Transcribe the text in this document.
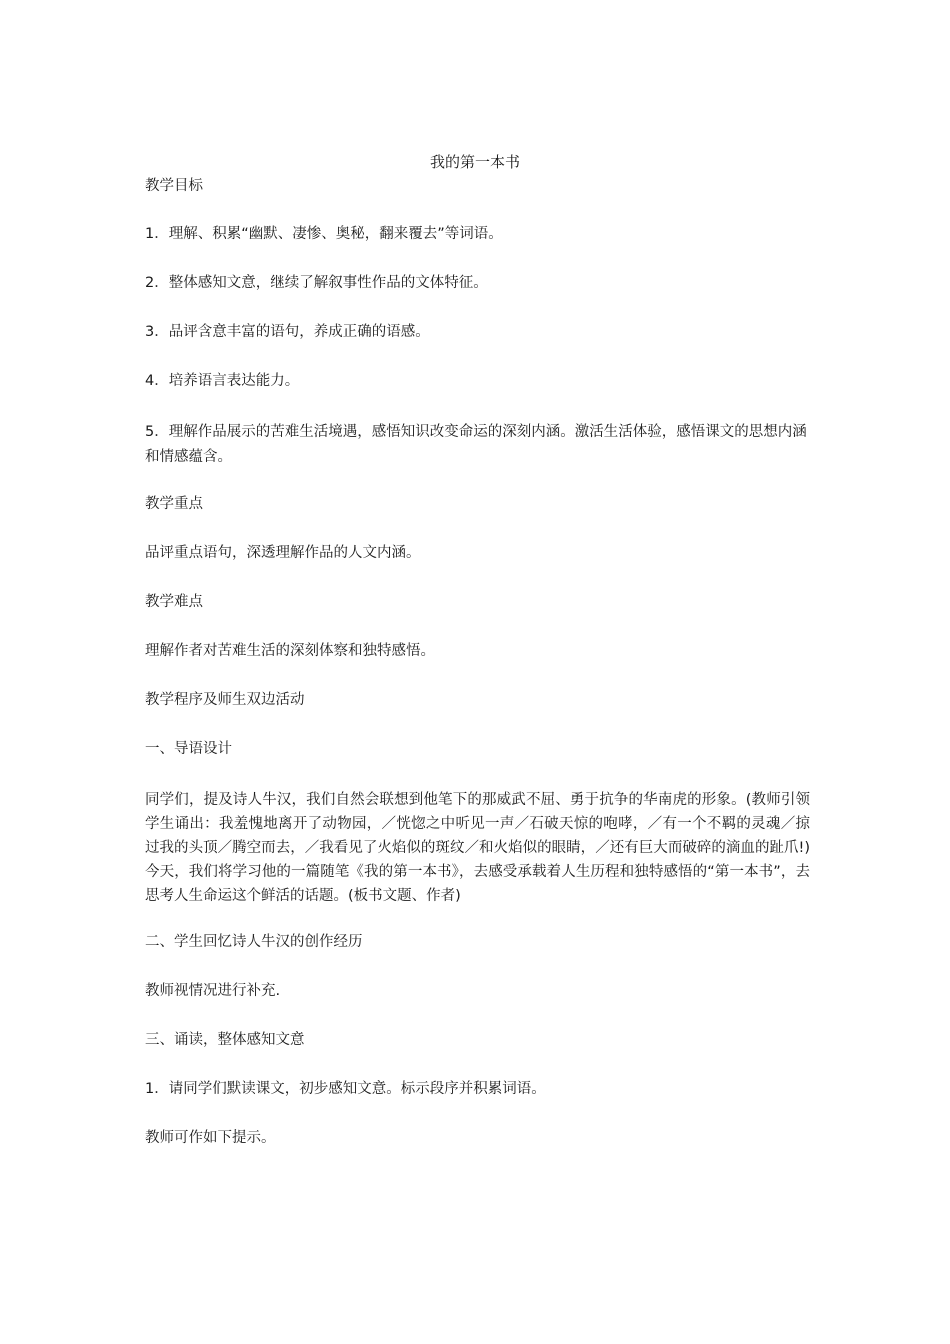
我的第一本书

教学目标

1．理解、积累“幽默、凄惨、奥秘，翻来覆去”等词语。

2．整体感知文意，继续了解叙事性作品的文体特征。

3．品评含意丰富的语句，养成正确的语感。

4．培养语言表达能力。

5．理解作品展示的苦难生活境遇，感悟知识改变命运的深刻内涵。激活生活体验，感悟课文的思想内涵和情感蕴含。

教学重点

品评重点语句，深透理解作品的人文内涵。

教学难点

理解作者对苦难生活的深刻体察和独特感悟。

教学程序及师生双边活动

一、导语设计

同学们，提及诗人牛汉，我们自然会联想到他笔下的那威武不屈、勇于抗争的华南虎的形象。(教师引领学生诵出：我羞愧地离开了动物园，／恍惚之中听见一声／石破天惊的咆哮，／有一个不羁的灵魂／掠过我的头顶／腾空而去，／我看见了火焰似的斑纹／和火焰似的眼睛，／还有巨大而破碎的滴血的趾爪!)今天，我们将学习他的一篇随笔《我的第一本书》，去感受承载着人生历程和独特感悟的“第一本书”，去思考人生命运这个鲜活的话题。(板书文题、作者)

二、学生回忆诗人牛汉的创作经历

教师视情况进行补充.

三、诵读，整体感知文意

1．请同学们默读课文，初步感知文意。标示段序并积累词语。

教师可作如下提示。
